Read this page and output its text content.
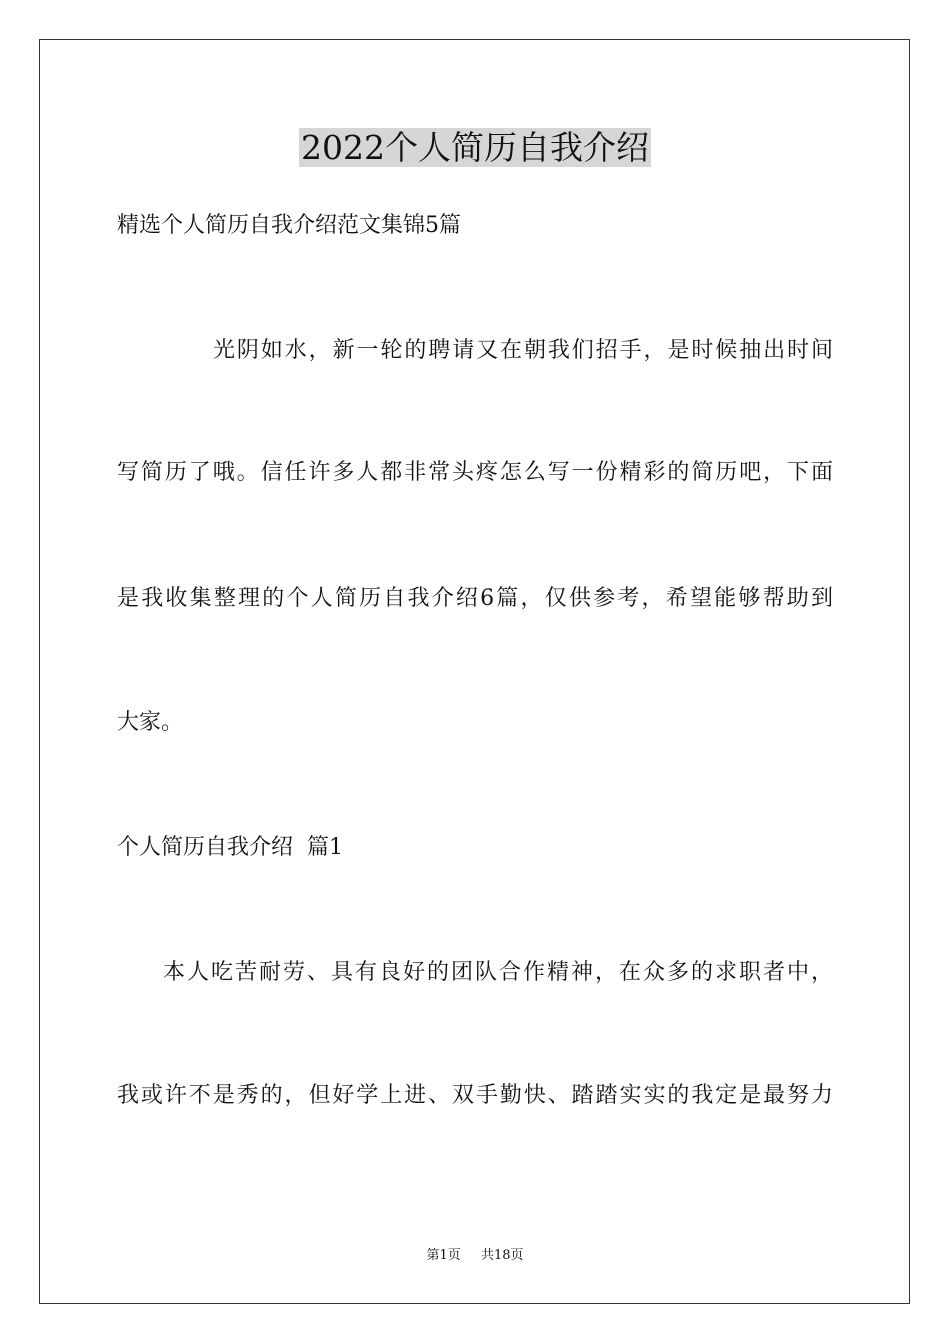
2022个人简历自我介绍
精选个人简历自我介绍范文集锦5篇
光阴如水，新一轮的聘请又在朝我们招手，是时候抽出时间
写简历了哦。信任许多人都非常头疼怎么写一份精彩的简历吧，下面
是我收集整理的个人简历自我介绍6篇，仅供参考，希望能够帮助到
大家。
个人简历自我介绍  篇1
本人吃苦耐劳、具有良好的团队合作精神，在众多的求职者中，
我或许不是秀的，但好学上进、双手勤快、踏踏实实的我定是最努力
第1页 共18页
